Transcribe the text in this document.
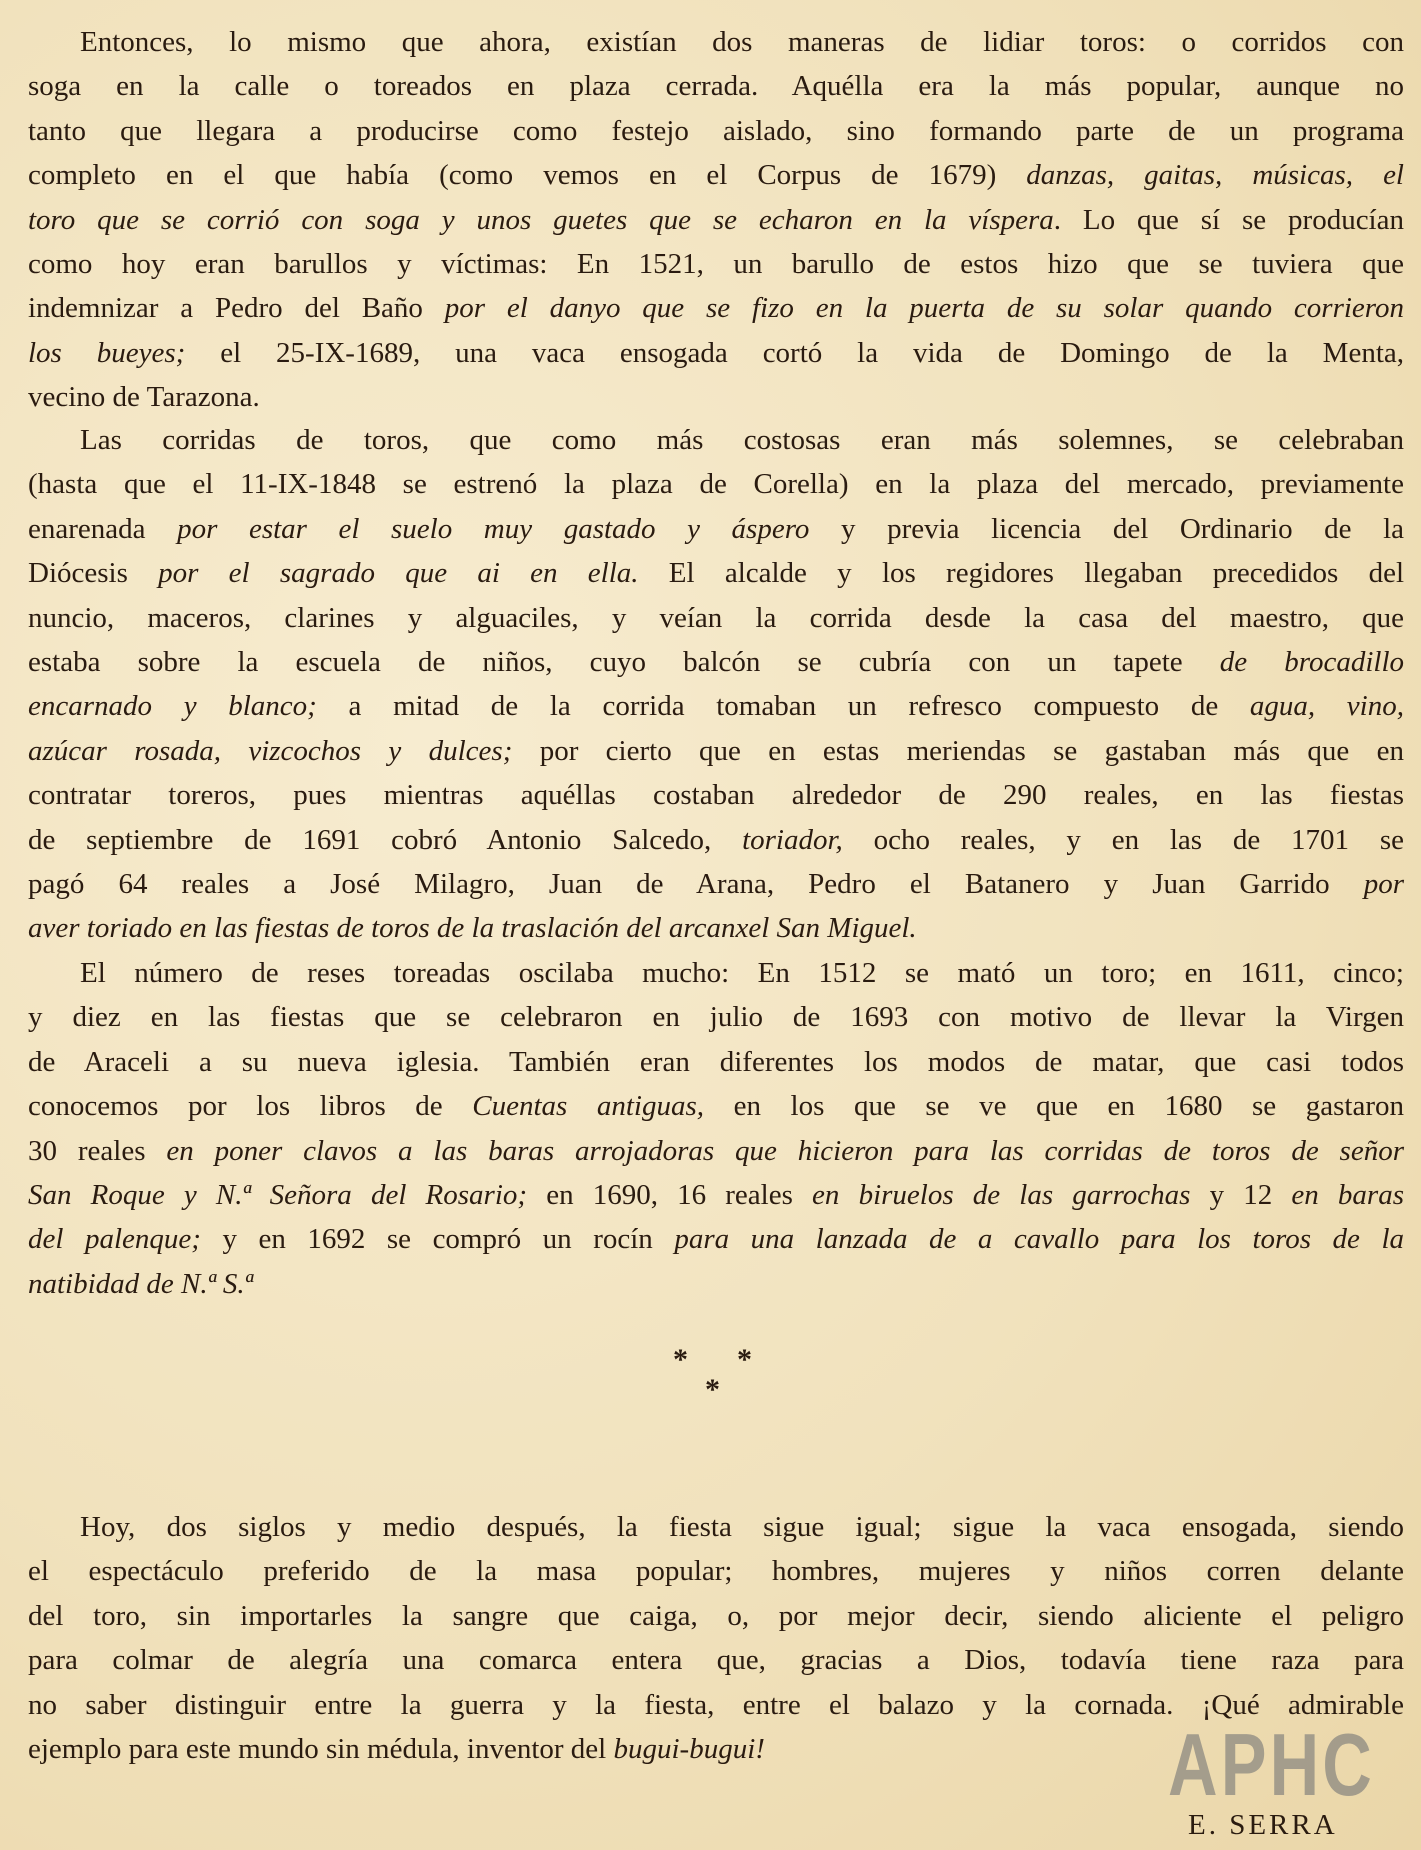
Entonces, lo mismo que ahora, existían dos maneras de lidiar toros: o corridos con
soga en la calle o toreados en plaza cerrada. Aquélla era la más popular, aunque no
tanto que llegara a producirse como festejo aislado, sino formando parte de un programa
completo en el que había (como vemos en el Corpus de 1679) danzas, gaitas, músicas, el
toro que se corrió con soga y unos guetes que se echaron en la víspera. Lo que sí se producían
como hoy eran barullos y víctimas: En 1521, un barullo de estos hizo que se tuviera que
indemnizar a Pedro del Baño por el danyo que se fizo en la puerta de su solar quando corrieron
los bueyes; el 25-IX-1689, una vaca ensogada cortó la vida de Domingo de la Menta,
vecino de Tarazona.
Las corridas de toros, que como más costosas eran más solemnes, se celebraban
(hasta que el 11-IX-1848 se estrenó la plaza de Corella) en la plaza del mercado, previamente
enarenada por estar el suelo muy gastado y áspero y previa licencia del Ordinario de la
Diócesis por el sagrado que ai en ella. El alcalde y los regidores llegaban precedidos del
nuncio, maceros, clarines y alguaciles, y veían la corrida desde la casa del maestro, que
estaba sobre la escuela de niños, cuyo balcón se cubría con un tapete de brocadillo
encarnado y blanco; a mitad de la corrida tomaban un refresco compuesto de agua, vino,
azúcar rosada, vizcochos y dulces; por cierto que en estas meriendas se gastaban más que en
contratar toreros, pues mientras aquéllas costaban alrededor de 290 reales, en las fiestas
de septiembre de 1691 cobró Antonio Salcedo, toriador, ocho reales, y en las de 1701 se
pagó 64 reales a José Milagro, Juan de Arana, Pedro el Batanero y Juan Garrido por
aver toriado en las fiestas de toros de la traslación del arcanxel San Miguel.
El número de reses toreadas oscilaba mucho: En 1512 se mató un toro; en 1611, cinco;
y diez en las fiestas que se celebraron en julio de 1693 con motivo de llevar la Virgen
de Araceli a su nueva iglesia. También eran diferentes los modos de matar, que casi todos
conocemos por los libros de Cuentas antiguas, en los que se ve que en 1680 se gastaron
30 reales en poner clavos a las baras arrojadoras que hicieron para las corridas de toros de señor
San Roque y N.ª Señora del Rosario; en 1690, 16 reales en biruelos de las garrochas y 12 en baras
del palenque; y en 1692 se compró un rocín para una lanzada de a cavallo para los toros de la
natibidad de N.ª S.ª
Hoy, dos siglos y medio después, la fiesta sigue igual; sigue la vaca ensogada, siendo
el espectáculo preferido de la masa popular; hombres, mujeres y niños corren delante
del toro, sin importarles la sangre que caiga, o, por mejor decir, siendo aliciente el peligro
para colmar de alegría una comarca entera que, gracias a Dios, todavía tiene raza para
no saber distinguir entre la guerra y la fiesta, entre el balazo y la cornada. ¡Qué admirable
ejemplo para este mundo sin médula, inventor del bugui-bugui!
*
*
*
APHC
E. SERRA
